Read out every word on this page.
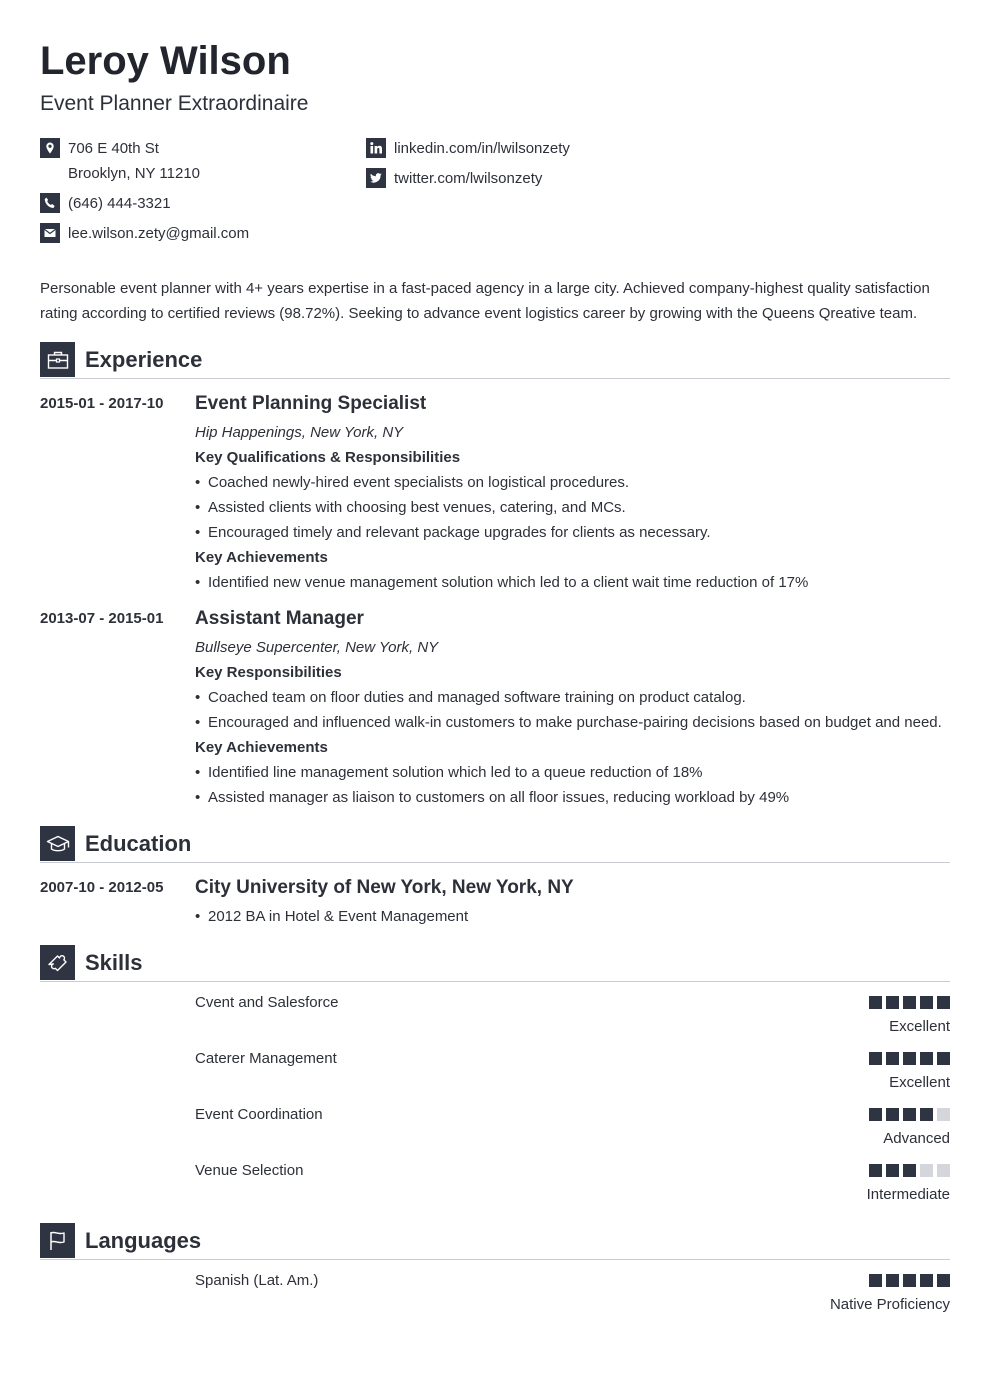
Leroy Wilson
Event Planner Extraordinaire
706 E 40th St
Brooklyn, NY 11210
(646) 444-3321
lee.wilson.zety@gmail.com
linkedin.com/in/lwilsonzety
twitter.com/lwilsonzety
Personable event planner with 4+ years expertise in a fast-paced agency in a large city. Achieved company-highest quality satisfaction rating according to certified reviews (98.72%). Seeking to advance event logistics career by growing with the Queens Qreative team.
Experience
2015-01 - 2017-10 Event Planning Specialist
Hip Happenings, New York, NY
Key Qualifications & Responsibilities
• Coached newly-hired event specialists on logistical procedures.
• Assisted clients with choosing best venues, catering, and MCs.
• Encouraged timely and relevant package upgrades for clients as necessary.
Key Achievements
• Identified new venue management solution which led to a client wait time reduction of 17%
2013-07 - 2015-01 Assistant Manager
Bullseye Supercenter, New York, NY
Key Responsibilities
• Coached team on floor duties and managed software training on product catalog.
• Encouraged and influenced walk-in customers to make purchase-pairing decisions based on budget and need.
Key Achievements
• Identified line management solution which led to a queue reduction of 18%
• Assisted manager as liaison to customers on all floor issues, reducing workload by 49%
Education
2007-10 - 2012-05 City University of New York, New York, NY
• 2012 BA in Hotel & Event Management
Skills
Cvent and Salesforce
Excellent
Caterer Management
Excellent
Event Coordination
Advanced
Venue Selection
Intermediate
Languages
Spanish (Lat. Am.)
Native Proficiency
